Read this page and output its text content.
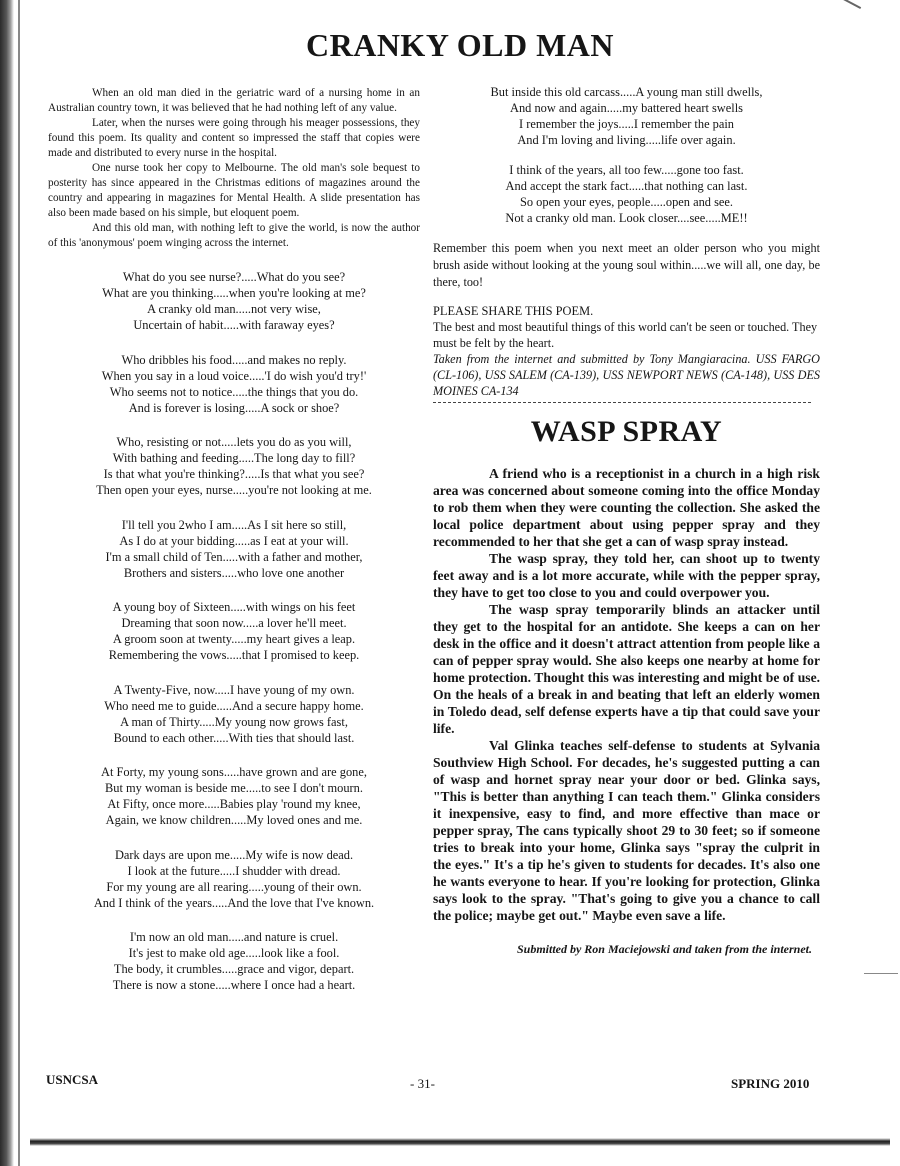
CRANKY OLD MAN

When an old man died in the geriatric ward of a nursing home in an Australian country town, it was believed that he had nothing left of any value.

Later, when the nurses were going through his meager possessions, they found this poem. Its quality and content so impressed the staff that copies were made and distributed to every nurse in the hospital.

One nurse took her copy to Melbourne. The old man's sole bequest to posterity has since appeared in the Christmas editions of magazines around the country and appearing in magazines for Mental Health. A slide presentation has also been made based on his simple, but eloquent poem.

And this old man, with nothing left to give the world, is now the author of this 'anonymous' poem winging across the internet.

What do you see nurse?.....What do you see?
What are you thinking.....when you're looking at me?
A cranky old man.....not very wise,
Uncertain of habit.....with faraway eyes?
Who dribbles his food.....and makes no reply.
When you say in a loud voice.....'I do wish you'd try!'
Who seems not to notice.....the things that you do.
And is forever is losing.....A sock or shoe?
Who, resisting or not.....lets you do as you will,
With bathing and feeding.....The long day to fill?
Is that what you're thinking?.....Is that what you see?
Then open your eyes, nurse.....you're not looking at me.
I'll tell you 2who I am.....As I sit here so still,
As I do at your bidding.....as I eat at your will.
I'm a small child of Ten.....with a father and mother,
Brothers and sisters.....who love one another
A young boy of Sixteen.....with wings on his feet
Dreaming that soon now.....a lover he'll meet.
A groom soon at twenty.....my heart gives a leap.
Remembering the vows.....that I promised to keep.
A Twenty-Five, now.....I have young of my own.
Who need me to guide.....And a secure happy home.
A man of Thirty.....My young now grows fast,
Bound to each other.....With ties that should last.
At Forty, my young sons.....have grown and are gone,
But my woman is beside me.....to see I don't mourn.
At Fifty, once more.....Babies play 'round my knee,
Again, we know children.....My loved ones and me.
Dark days are upon me.....My wife is now dead.
I look at the future.....I shudder with dread.
For my young are all rearing.....young of their own.
And I think of the years.....And the love that I've known.
I'm now an old man.....and nature is cruel.
It's jest to make old age.....look like a fool.
The body, it crumbles.....grace and vigor, depart.
There is now a stone.....where I once had a heart.
But inside this old carcass.....A young man still dwells,
And now and again.....my battered heart swells
I remember the joys.....I remember the pain
And I'm loving and living.....life over again.
I think of the years, all too few.....gone too fast.
And accept the stark fact.....that nothing can last.
So open your eyes, people.....open and see.
Not a cranky old man. Look closer....see.....ME!!

Remember this poem when you next meet an older person who you might brush aside without looking at the young soul within.....we will all, one day, be there, too!

PLEASE SHARE THIS POEM.

The best and most beautiful things of this world can't be seen or touched. They must be felt by the heart.

Taken from the internet and submitted by Tony Mangiaracina. USS FARGO (CL-106), USS SALEM (CA-139), USS NEWPORT NEWS (CA-148), USS DES MOINES CA-134

WASP SPRAY

A friend who is a receptionist in a church in a high risk area was concerned about someone coming into the office Monday to rob them when they were counting the collection. She asked the local police department about using pepper spray and they recommended to her that she get a can of wasp spray instead.

The wasp spray, they told her, can shoot up to twenty feet away and is a lot more accurate, while with the pepper spray, they have to get too close to you and could overpower you.

The wasp spray temporarily blinds an attacker until they get to the hospital for an antidote. She keeps a can on her desk in the office and it doesn't attract attention from people like a can of pepper spray would. She also keeps one nearby at home for home protection. Thought this was interesting and might be of use. On the heals of a break in and beating that left an elderly women in Toledo dead, self defense experts have a tip that could save your life.

Val Glinka teaches self-defense to students at Sylvania Southview High School. For decades, he's suggested putting a can of wasp and hornet spray near your door or bed. Glinka says, "This is better than anything I can teach them." Glinka considers it inexpensive, easy to find, and more effective than mace or pepper spray, The cans typically shoot 29 to 30 feet; so if someone tries to break into your home, Glinka says "spray the culprit in the eyes." It's a tip he's given to students for decades. It's also one he wants everyone to hear. If you're looking for protection, Glinka says look to the spray. "That's going to give you a chance to call the police; maybe get out." Maybe even save a life.

Submitted by Ron Maciejowski and taken from the internet.

USNCSA	- 31-	SPRING 2010
